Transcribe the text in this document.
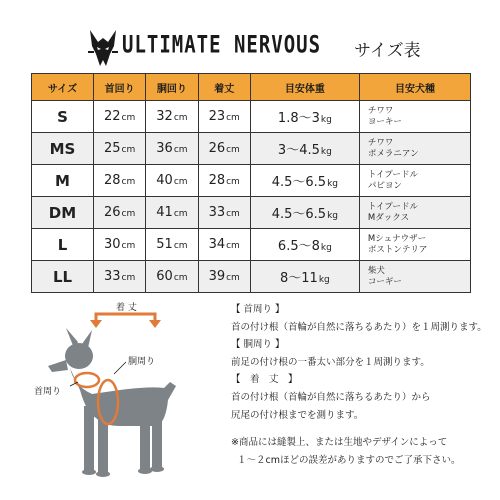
ULTIMATE NERVOUS サイズ表
サイズ	首回り	胴回り	着丈	目安体重	目安犬種
S	22cm	32cm	23cm	1.8～3kg	チワワ
ヨーキー

MS	25cm	36cm	26cm	3～4.5kg	チワワ
ポメラニアン

M	28cm	40cm	28cm	4.5～6.5kg	トイプードル
パピヨン

DM	26cm	41cm	33cm	4.5～6.5kg	トイプードル
Mダックス

L	30cm	51cm	34cm	6.5～8kg	Mシュナウザー
ボストンテリア

LL	33cm	60cm	39cm	8～11kg	柴犬
コーギー
着 丈
胴周り
首周り
【 首周り 】
首の付け根（首輪が自然に落ちるあたり）を１周測ります。
【 胴周り 】
前足の付け根の一番太い部分を１周測ります。
【　着　丈　】
首の付け根（首輪が自然に落ちるあたり）から
尻尾の付け根までを測ります。
※商品には縫製上、または生地やデザインによって
１～２cmほどの誤差がありますのでご了承下さい。
